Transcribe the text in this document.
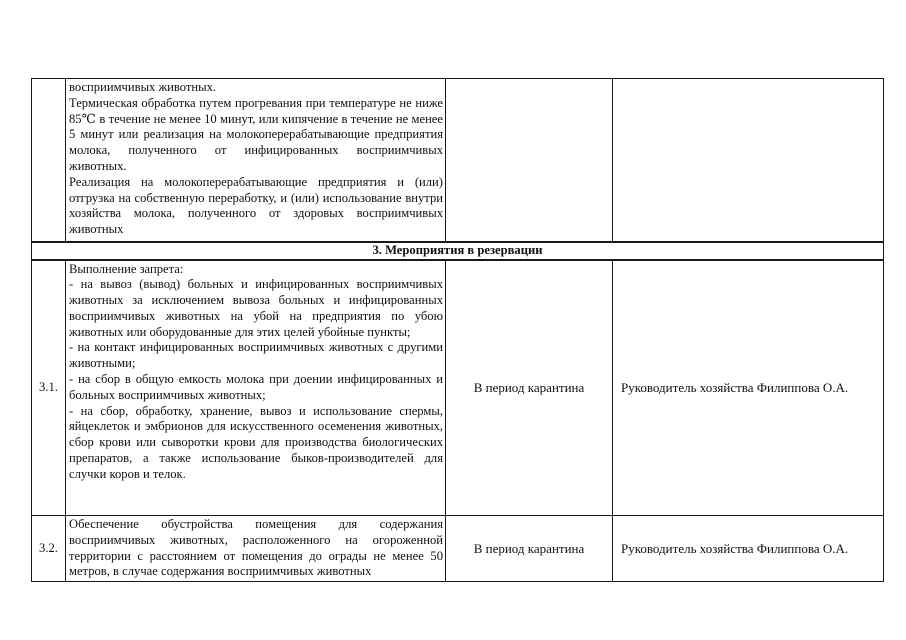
	восприимчивых животных.

Термическая обработка путем прогревания при температуре не ниже 85℃ в течение не менее 10 минут, или кипячение в течение не менее 5 минут или реализация на молокоперерабатывающие предприятия молока, полученного от инфицированных восприимчивых животных.

Реализация на молокоперерабатывающие предприятия и (или) отгрузка на собственную переработку, и (или) использование внутри хозяйства молока, полученного от здоровых восприимчивых животных		

3. Мероприятия в резервации			
3.1.	Выполнение запрета:

- на вывоз (вывод) больных и инфицированных восприимчивых животных за исключением вывоза больных и инфицированных восприимчивых животных на убой на предприятия по убою животных или оборудованные для этих целей убойные пункты;

- на контакт инфицированных восприимчивых животных с другими животными;

- на сбор в общую емкость молока при доении инфицированных и больных восприимчивых животных;

- на сбор, обработку, хранение, вывоз и использование спермы, яйцеклеток и эмбрионов для искусственного осеменения животных, сбор крови или сыворотки крови для производства биологических препаратов, а также использование быков-производителей для случки коров и телок.	В период карантина	Руководитель хозяйства Филиппова О.А.
3.2.	Обеспечение обустройства помещения для содержания восприимчивых животных, расположенного на огороженной территории с расстоянием от помещения до ограды не менее 50 метров, в случае содержания восприимчивых животных	В период карантина	Руководитель хозяйства Филиппова О.А.
